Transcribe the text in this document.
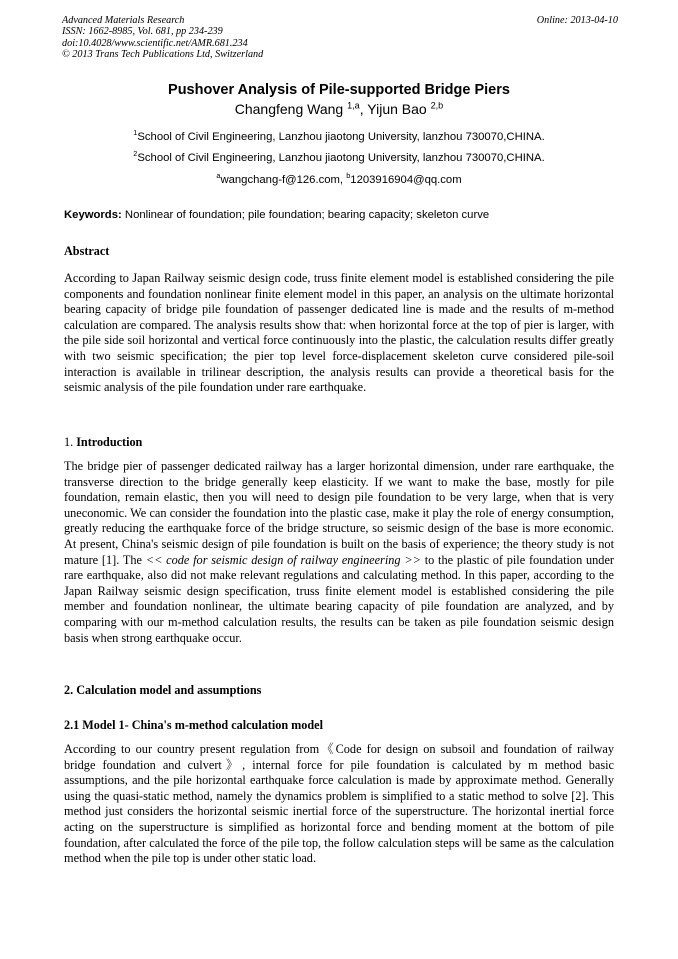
Advanced Materials Research
ISSN: 1662-8985, Vol. 681, pp 234-239
doi:10.4028/www.scientific.net/AMR.681.234
© 2013 Trans Tech Publications Ltd, Switzerland
Online: 2013-04-10
Pushover Analysis of Pile-supported Bridge Piers
Changfeng Wang $^{1,a}$, Yijun Bao $^{2,b}$
$^1$School of Civil Engineering, Lanzhou jiaotong University, lanzhou 730070,CHINA.
$^2$School of Civil Engineering, Lanzhou jiaotong University, lanzhou 730070,CHINA.
$^a$wangchang-f@126.com, $^b$1203916904@qq.com
Keywords: Nonlinear of foundation; pile foundation; bearing capacity; skeleton curve
Abstract
According to Japan Railway seismic design code, truss finite element model is established considering the pile components and foundation nonlinear finite element model in this paper, an analysis on the ultimate horizontal bearing capacity of bridge pile foundation of passenger dedicated line is made and the results of m-method calculation are compared. The analysis results show that: when horizontal force at the top of pier is larger, with the pile side soil horizontal and vertical force continuously into the plastic, the calculation results differ greatly with two seismic specification; the pier top level force-displacement skeleton curve considered pile-soil interaction is available in trilinear description, the analysis results can provide a theoretical basis for the seismic analysis of the pile foundation under rare earthquake.
1. Introduction
The bridge pier of passenger dedicated railway has a larger horizontal dimension, under rare earthquake, the transverse direction to the bridge generally keep elasticity. If we want to make the base, mostly for pile foundation, remain elastic, then you will need to design pile foundation to be very large, when that is very uneconomic. We can consider the foundation into the plastic case, make it play the role of energy consumption, greatly reducing the earthquake force of the bridge structure, so seismic design of the base is more economic. At present, China's seismic design of pile foundation is built on the basis of experience; the theory study is not mature [1]. The << code for seismic design of railway engineering >> to the plastic of pile foundation under rare earthquake, also did not make relevant regulations and calculating method. In this paper, according to the Japan Railway seismic design specification, truss finite element model is established considering the pile member and foundation nonlinear, the ultimate bearing capacity of pile foundation are analyzed, and by comparing with our m-method calculation results, the results can be taken as pile foundation seismic design basis when strong earthquake occur.
2. Calculation model and assumptions
2.1 Model 1- China's m-method calculation model
According to our country present regulation from《Code for design on subsoil and foundation of railway bridge foundation and culvert》, internal force for pile foundation is calculated by m method basic assumptions, and the pile horizontal earthquake force calculation is made by approximate method. Generally using the quasi-static method, namely the dynamics problem is simplified to a static method to solve [2]. This method just considers the horizontal seismic inertial force of the superstructure. The horizontal inertial force acting on the superstructure is simplified as horizontal force and bending moment at the bottom of pile foundation, after calculated the force of the pile top, the follow calculation steps will be same as the calculation method when the pile top is under other static load.
